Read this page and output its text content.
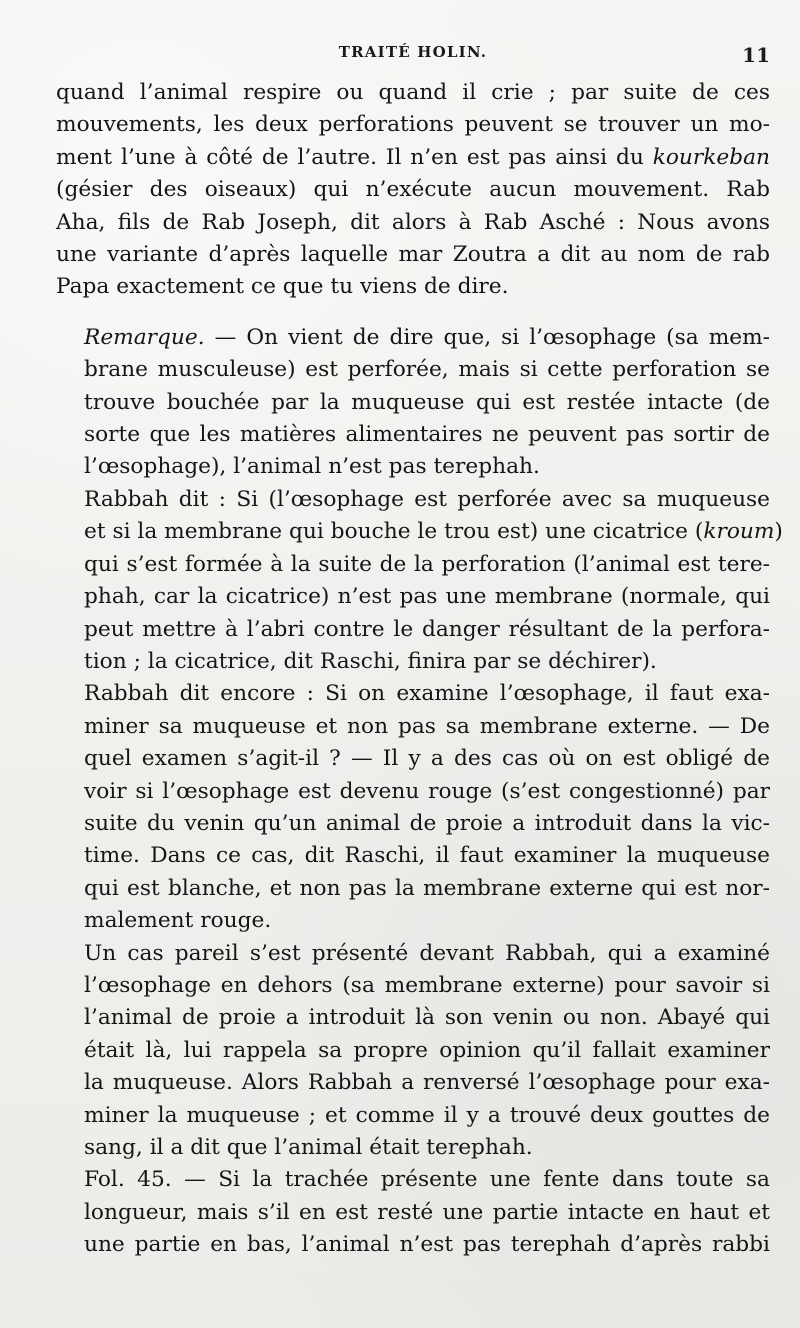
TRAITÉ HOLIN.	11

quand l’animal respire ou quand il crie ; par suite de ces
mouvements, les deux perforations peuvent se trouver un mo-
ment l’une à côté de l’autre. Il n’en est pas ainsi du kourkeban
(gésier des oiseaux) qui n’exécute aucun mouvement. Rab
Aha, fils de Rab Joseph, dit alors à Rab Asché : Nous avons
une variante d’après laquelle mar Zoutra a dit au nom de rab
Papa exactement ce que tu viens de dire.

Remarque. — On vient de dire que, si l’œsophage (sa mem-
brane musculeuse) est perforée, mais si cette perforation se
trouve bouchée par la muqueuse qui est restée intacte (de
sorte que les matières alimentaires ne peuvent pas sortir de
l’œsophage), l’animal n’est pas terephah.

Rabbah dit : Si (l’œsophage est perforée avec sa muqueuse
et si la membrane qui bouche le trou est) une cicatrice (kroum)
qui s’est formée à la suite de la perforation (l’animal est tere-
phah, car la cicatrice) n’est pas une membrane (normale, qui
peut mettre à l’abri contre le danger résultant de la perfora-
tion ; la cicatrice, dit Raschi, finira par se déchirer).

Rabbah dit encore : Si on examine l’œsophage, il faut exa-
miner sa muqueuse et non pas sa membrane externe. — De
quel examen s’agit-il ? — Il y a des cas où on est obligé de
voir si l’œsophage est devenu rouge (s’est congestionné) par
suite du venin qu’un animal de proie a introduit dans la vic-
time. Dans ce cas, dit Raschi, il faut examiner la muqueuse
qui est blanche, et non pas la membrane externe qui est nor-
malement rouge.

Un cas pareil s’est présenté devant Rabbah, qui a examiné
l’œsophage en dehors (sa membrane externe) pour savoir si
l’animal de proie a introduit là son venin ou non. Abayé qui
était là, lui rappela sa propre opinion qu’il fallait examiner
la muqueuse. Alors Rabbah a renversé l’œsophage pour exa-
miner la muqueuse ; et comme il y a trouvé deux gouttes de
sang, il a dit que l’animal était terephah.

Fol. 45. — Si la trachée présente une fente dans toute sa
longueur, mais s’il en est resté une partie intacte en haut et
une partie en bas, l’animal n’est pas terephah d’après rabbi
